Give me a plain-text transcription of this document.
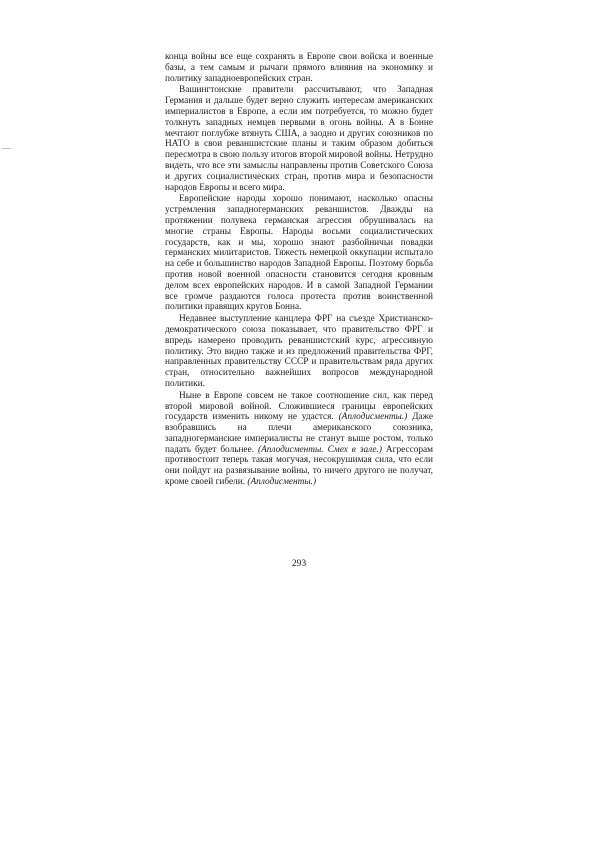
конца войны все еще сохранять в Европе свои войска и военные базы, а тем самым и рычаги прямого влияния на экономику и политику западноевропейских стран.

Вашингтонские правители рассчитывают, что Западная Германия и дальше будет верно служить интересам американских империалистов в Европе, а если им потребуется, то можно будет толкнуть западных немцев первыми в огонь войны. А в Бонне мечтают поглубже втянуть США, а заодно и других союзников по НАТО в свои реваншистские планы и таким образом добиться пересмотра в свою пользу итогов второй мировой войны. Нетрудно видеть, что все эти замыслы направлены против Советского Союза и других социалистических стран, против мира и безопасности народов Европы и всего мира.

Европейские народы хорошо понимают, насколько опасны устремления западногерманских реваншистов. Дважды на протяжении полувека германская агрессия обрушивалась на многие страны Европы. Народы восьми социалистических государств, как и мы, хорошо знают разбойничьи повадки германских милитаристов. Тяжесть немецкой оккупации испытало на себе и большинство народов Западной Европы. Поэтому борьба против новой военной опасности становится сегодня кровным делом всех европейских народов. И в самой Западной Германии все громче раздаются голоса протеста против воинственной политики правящих кругов Бонна.

Недавнее выступление канцлера ФРГ на съезде Христианско-демократического союза показывает, что правительство ФРГ и впредь намерено проводить реваншистский курс, агрессивную политику. Это видно также и из предложений правительства ФРГ, направленных правительству СССР и правительствам ряда других стран, относительно важнейших вопросов международной политики.

Ныне в Европе совсем не такое соотношение сил, как перед второй мировой войной. Сложившиеся границы европейских государств изменить никому не удастся. (Аплодисменты.) Даже взобравшись на плечи американского союзника, западногерманские империалисты не станут выше ростом, только падать будет больнее. (Аплодисменты. Смех в зале.) Агрессорам противостоит теперь такая могучая, несокрушимая сила, что если они пойдут на развязывание войны, то ничего другого не получат, кроме своей гибели. (Аплодисменты.)

293
